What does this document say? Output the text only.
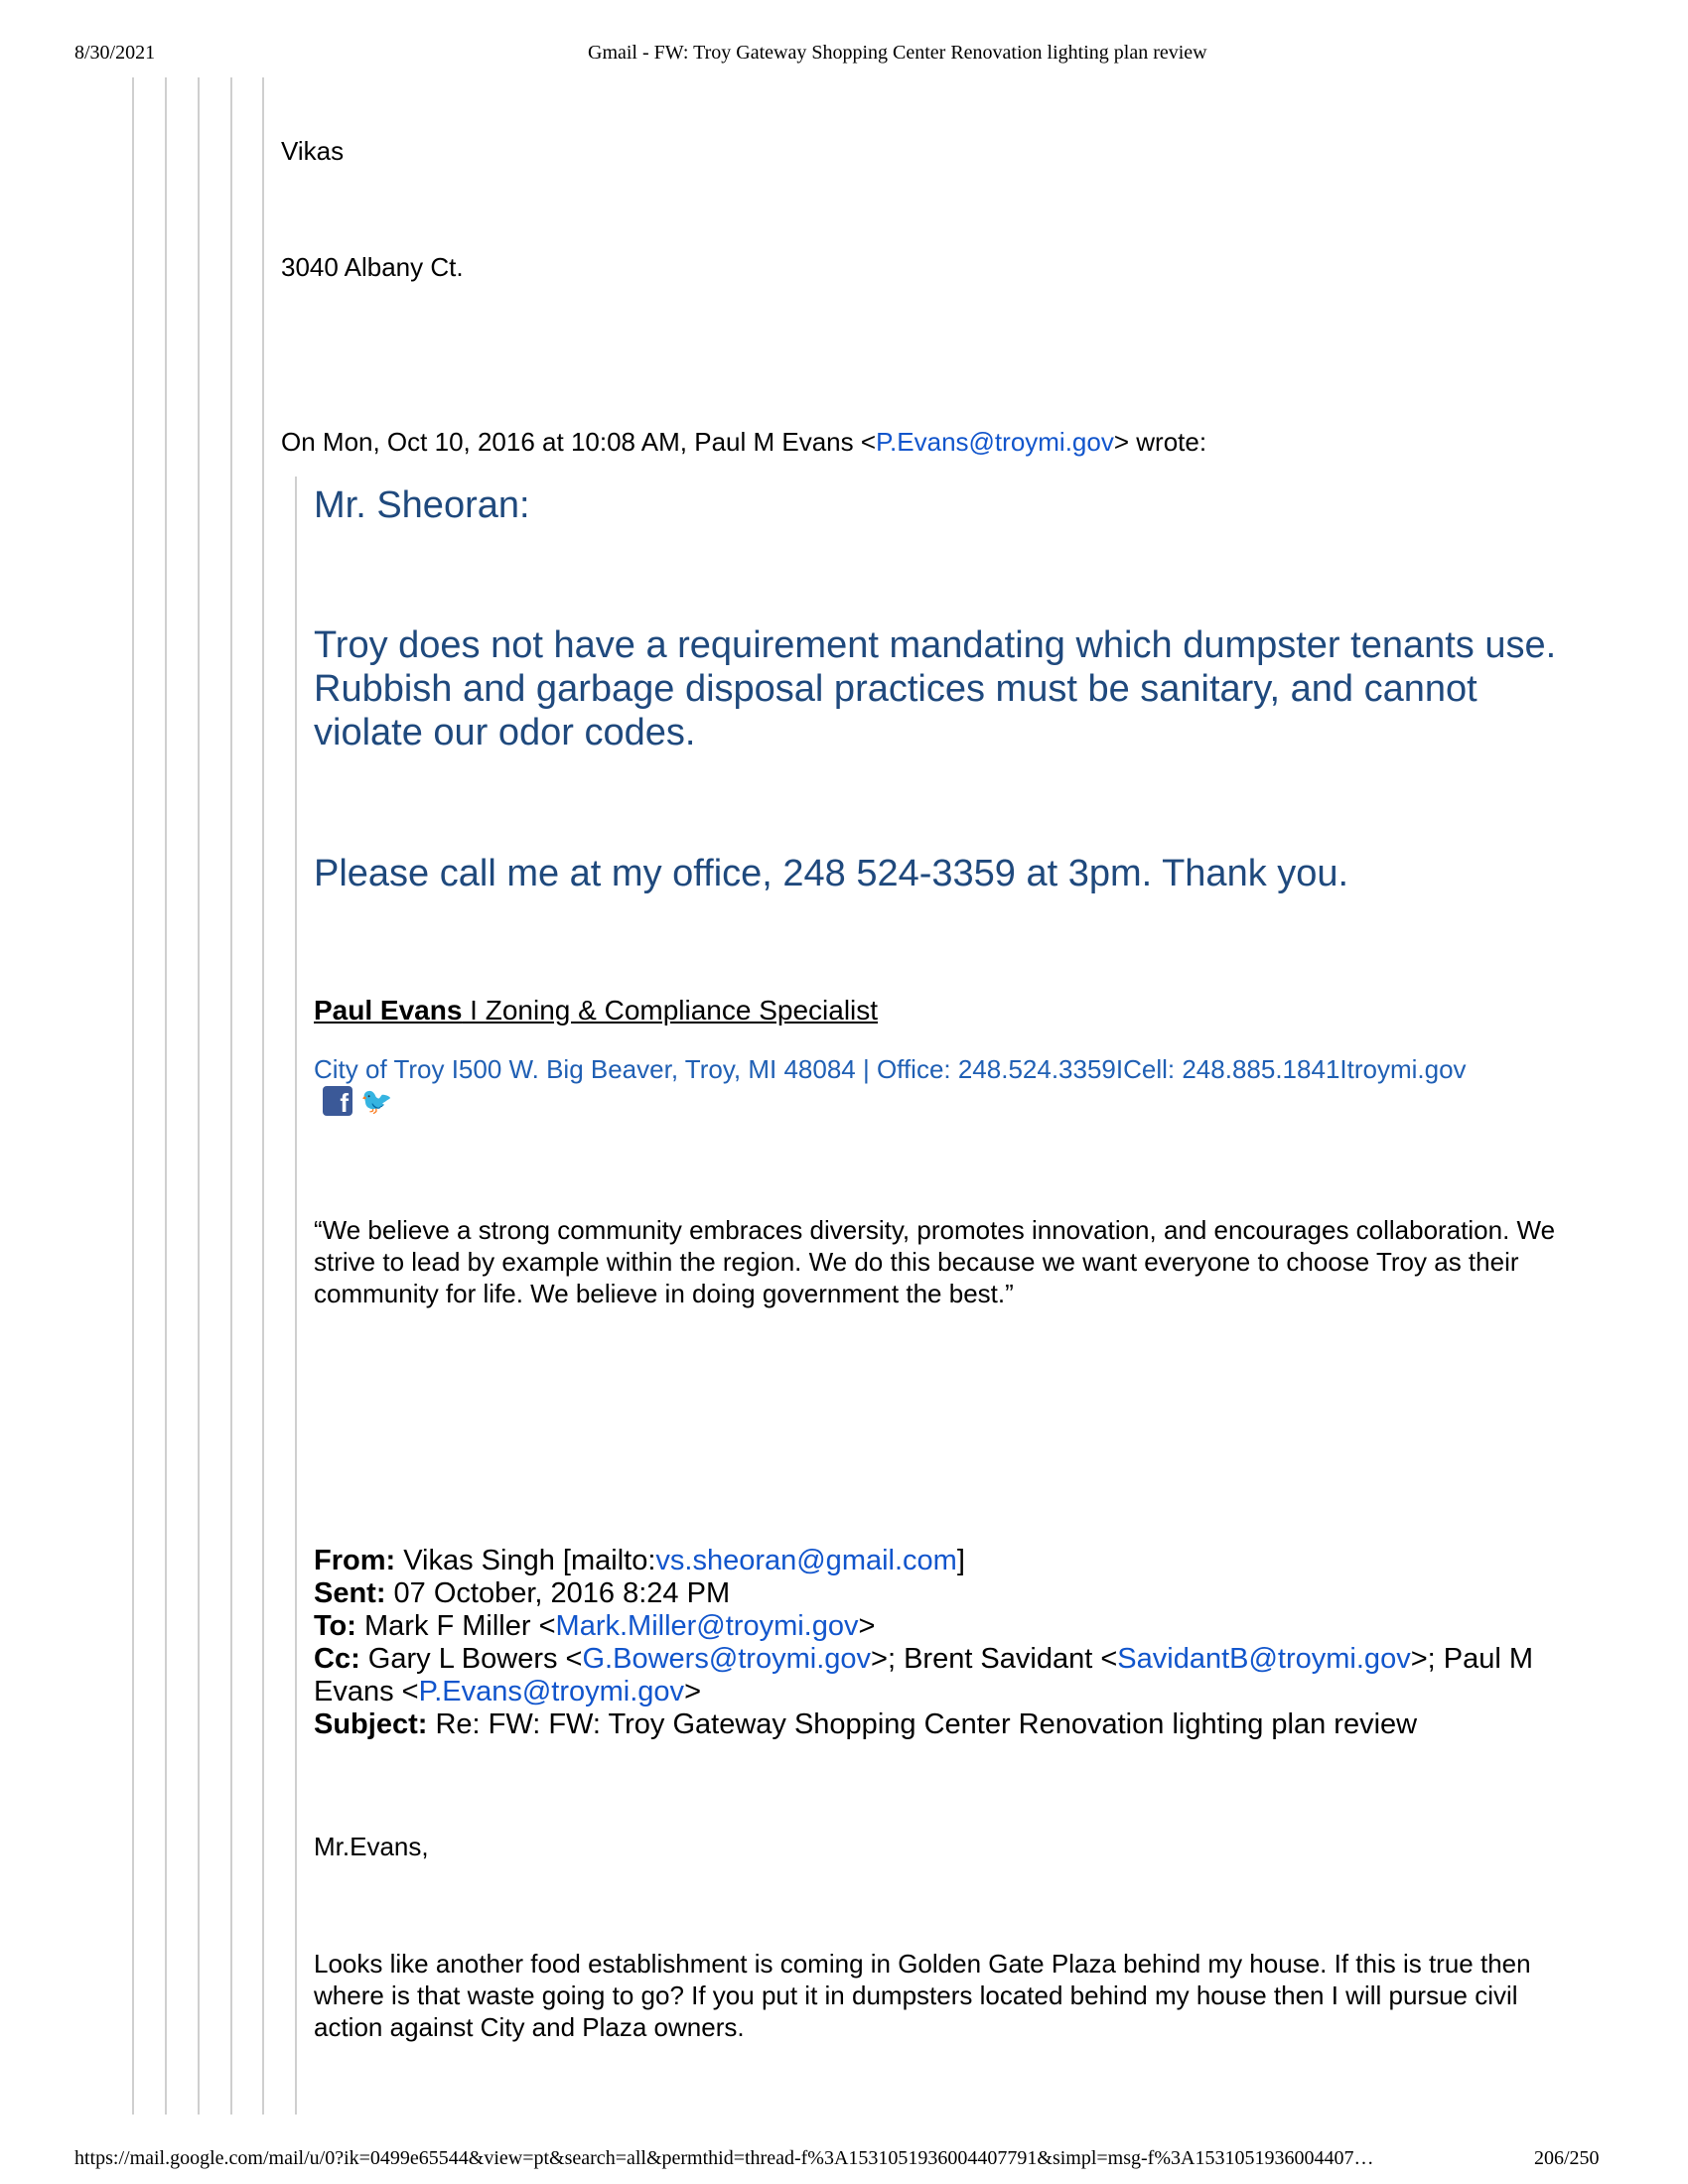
8/30/2021	Gmail - FW: Troy Gateway Shopping Center Renovation lighting plan review
Vikas
3040 Albany Ct.
On Mon, Oct 10, 2016 at 10:08 AM, Paul M Evans <P.Evans@troymi.gov> wrote:
Mr. Sheoran:
Troy does not have a requirement mandating which dumpster tenants use. Rubbish and garbage disposal practices must be sanitary, and cannot violate our odor codes.
Please call me at my office, 248 524-3359 at 3pm. Thank you.
Paul Evans I Zoning & Compliance Specialist
City of Troy I500 W. Big Beaver, Troy, MI 48084 | Office: 248.524.3359ICell: 248.885.1841Itroymi.gov
f 🐦
“We believe a strong community embraces diversity, promotes innovation, and encourages collaboration. We strive to lead by example within the region. We do this because we want everyone to choose Troy as their community for life. We believe in doing government the best.”
From: Vikas Singh [mailto:vs.sheoran@gmail.com]
Sent: 07 October, 2016 8:24 PM
To: Mark F Miller <Mark.Miller@troymi.gov>
Cc: Gary L Bowers <G.Bowers@troymi.gov>; Brent Savidant <SavidantB@troymi.gov>; Paul M Evans <P.Evans@troymi.gov>
Subject: Re: FW: FW: Troy Gateway Shopping Center Renovation lighting plan review
Mr.Evans,
Looks like another food establishment is coming in Golden Gate Plaza behind my house. If this is true then where is that waste going to go? If you put it in dumpsters located behind my house then I will pursue civil action against City and Plaza owners.
https://mail.google.com/mail/u/0?ik=0499e65544&view=pt&search=all&permthid=thread-f%3A1531051936004407791&simpl=msg-f%3A1531051936004407…	206/250
